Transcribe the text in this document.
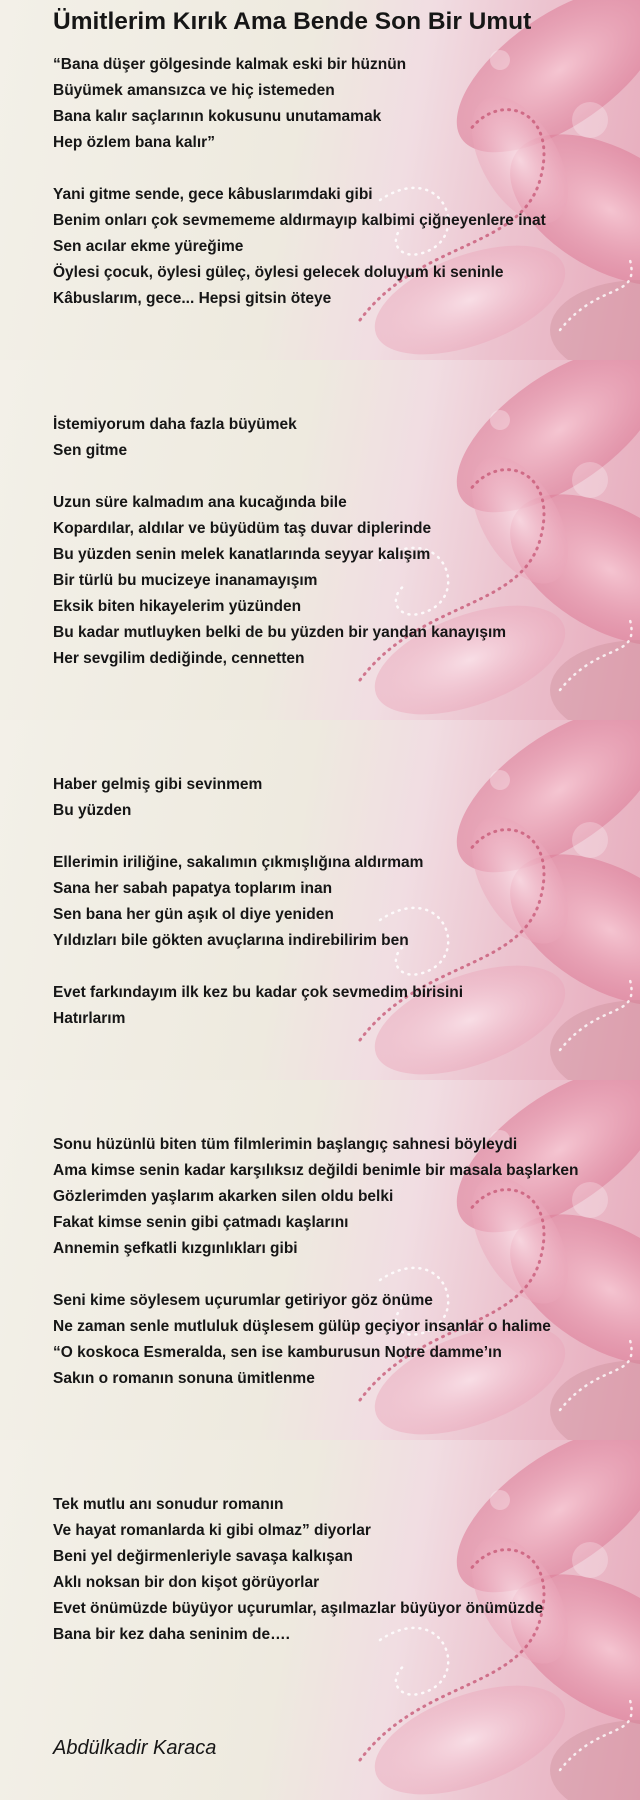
“Bana düşer gölgesinde kalmak eski bir hüznün
Büyümek amansızca ve hiç istemeden
Bana kalır saçlarının kokusunu unutamamak
Hep özlem bana kalır”
Yani gitme sende, gece kâbuslarımdaki gibi
Benim onları çok sevmememe aldırmayıp kalbimi çiğneyenlere inat
Sen acılar ekme yüreğime
Öylesi çocuk, öylesi güleç, öylesi gelecek doluyum ki seninle
Kâbuslarım, gece... Hepsi gitsin öteye
İstemiyorum daha fazla büyümek
Sen gitme
Uzun süre kalmadım ana kucağında bile
Kopardılar, aldılar ve büyüdüm taş duvar diplerinde
Bu yüzden senin melek kanatlarında seyyar kalışım
Bir türlü bu mucizeye inanamayışım
Eksik biten hikayelerim yüzünden
Bu kadar mutluyken belki de bu yüzden bir yandan kanayışım
Her sevgilim dediğinde, cennetten
Haber gelmiş gibi sevinmem
Bu yüzden
Ellerimin iriliğine, sakalımın çıkmışlığına aldırmam
Sana her sabah papatya toplarım inan
Sen bana her gün aşık ol diye yeniden
Yıldızları bile gökten avuçlarına indirebilirim ben
Evet farkındayım ilk kez bu kadar çok sevmedim birisini
Hatırlarım
Sonu hüzünlü biten tüm filmlerimin başlangıç sahnesi böyleydi
Ama kimse senin kadar karşılıksız değildi benimle bir masala başlarken
Gözlerimden yaşlarım akarken silen oldu belki
Fakat kimse senin gibi çatmadı kaşlarını
Annemin şefkatli kızgınlıkları gibi
Seni kime söylesem uçurumlar getiriyor göz önüme
Ne zaman senle mutluluk düşlesem gülüp geçiyor insanlar o halime
“O koskoca Esmeralda, sen ise kamburusun Notre damme’ın
Sakın o romanın sonuna ümitlenme
Tek mutlu anı sonudur romanın
Ve hayat romanlarda ki gibi olmaz” diyorlar
Beni yel değirmenleriyle savaşa kalkışan
Aklı noksan bir don kişot görüyorlar
Evet önümüzde büyüyor uçurumlar, aşılmazlar büyüyor önümüzde
Bana bir kez daha seninim de….
Ümitlerim Kırık Ama Bende Son Bir Umut
Abdülkadir Karaca
